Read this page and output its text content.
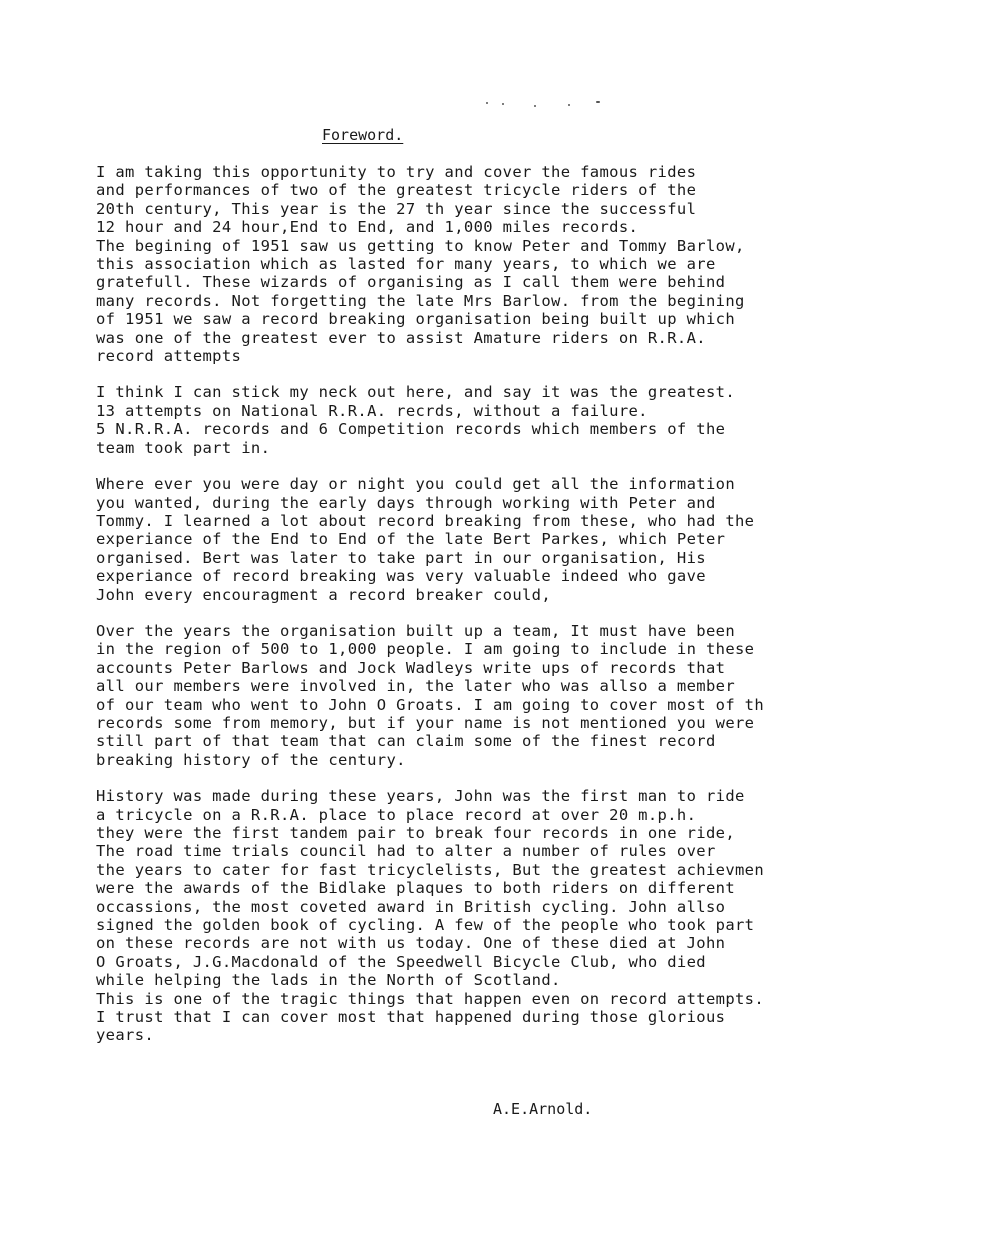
Foreword.
I am taking this opportunity to try and cover the famous rides
and performances of two of the greatest tricycle riders of the
20th century, This year is the 27 th year since the successful
12 hour and 24 hour,End to End, and 1,000 miles records.
The begining of 1951 saw us getting to know Peter and Tommy Barlow,
this association which as lasted for many years, to which we are
gratefull. These wizards of organising as I call them were behind
many records. Not forgetting the late Mrs Barlow. from the begining
of 1951 we saw a record breaking organisation being built up which
was one of the greatest ever to assist Amature riders on R.R.A.
record attempts
I think I can stick my neck out here, and say it was the greatest.
13 attempts on National R.R.A. recrds, without a failure.
5 N.R.R.A. records and 6 Competition records which members of the
team took part in.
Where ever you were day or night you could get all the information
you wanted, during the early days through working with Peter and
Tommy. I learned a lot about record breaking from these, who had the
experiance of the End to End of the late Bert Parkes, which Peter
organised. Bert was later to take part in our organisation, His
experiance of record breaking was very valuable indeed who gave
John every encouragment a record breaker could,
Over the years the organisation built up a team, It must have been
in the region of 500 to 1,000 people. I am going to include in these
accounts Peter Barlows and Jock Wadleys write ups of records that
all our members were involved in, the later who was allso a member
of our team who went to John O Groats. I am going to cover most of th
records some from memory, but if your name is not mentioned you were
still part of that team that can claim some of the finest record
breaking history of the century.
History was made during these years, John was the first man to ride
a tricycle on a R.R.A. place to place record at over 20 m.p.h.
they were the first tandem pair to break four records in one ride,
The road time trials council had to alter a number of rules over
the years to cater for fast tricyclelists, But the greatest achievmen
were the awards of the Bidlake plaques to both riders on different
occassions, the most coveted award in British cycling. John allso
signed the golden book of cycling. A few of the people who took part
on these records are not with us today. One of these died at John
O Groats, J.G.Macdonald of the Speedwell Bicycle Club, who died
while helping the lads in the North of Scotland.
This is one of the tragic things that happen even on record attempts.
I trust that I can cover most that happened during those glorious
years.
A.E.Arnold.
